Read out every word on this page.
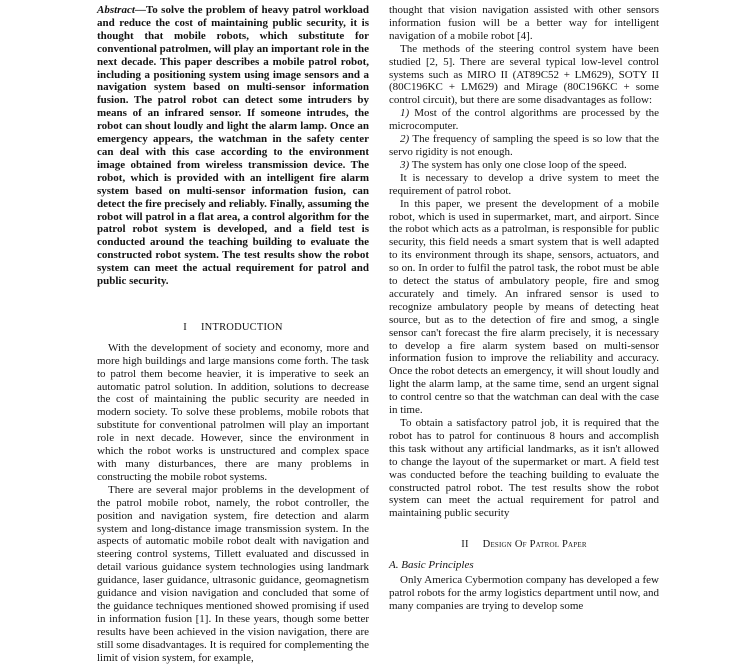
Abstract—To solve the problem of heavy patrol workload and reduce the cost of maintaining public security, it is thought that mobile robots, which substitute for conventional patrolmen, will play an important role in the next decade. This paper describes a mobile patrol robot, including a positioning system using image sensors and a navigation system based on multi-sensor information fusion. The patrol robot can detect some intruders by means of an infrared sensor. If someone intrudes, the robot can shout loudly and light the alarm lamp. Once an emergency appears, the watchman in the safety center can deal with this case according to the environment image obtained from wireless transmission device. The robot, which is provided with an intelligent fire alarm system based on multi-sensor information fusion, can detect the fire precisely and reliably. Finally, assuming the robot will patrol in a flat area, a control algorithm for the patrol robot system is developed, and a field test is conducted around the teaching building to evaluate the constructed robot system. The test results show the robot system can meet the actual requirement for patrol and public security.

I INTRODUCTION

With the development of society and economy, more and more high buildings and large mansions come forth. The task to patrol them become heavier, it is imperative to seek an automatic patrol solution. In addition, solutions to decrease the cost of maintaining the public security are needed in modern society. To solve these problems, mobile robots that substitute for conventional patrolmen will play an important role in next decade. However, since the environment in which the robot works is unstructured and complex space with many disturbances, there are many problems in constructing the mobile robot systems.

There are several major problems in the development of the patrol mobile robot, namely, the robot controller, the position and navigation system, fire detection and alarm system and long-distance image transmission system. In the aspects of automatic mobile robot dealt with navigation and steering control systems, Tillett evaluated and discussed in detail various guidance system technologies using landmark guidance, laser guidance, ultrasonic guidance, geomagnetism guidance and vision navigation and concluded that some of the guidance techniques mentioned showed promising if used in information fusion [1]. In these years, though some better results have been achieved in the vision navigation, there are still some disadvantages. It is required for complementing the limit of vision system, for example,

thought that vision navigation assisted with other sensors information fusion will be a better way for intelligent navigation of a mobile robot [4].

The methods of the steering control system have been studied [2, 5]. There are several typical low-level control systems such as MIRO II (AT89C52 + LM629), SOTY II (80C196KC + LM629) and Mirage (80C196KC + some control circuit), but there are some disadvantages as follow:

1) Most of the control algorithms are processed by the microcomputer.

2) The frequency of sampling the speed is so low that the servo rigidity is not enough.

3) The system has only one close loop of the speed.

It is necessary to develop a drive system to meet the requirement of patrol robot.

In this paper, we present the development of a mobile robot, which is used in supermarket, mart, and airport. Since the robot which acts as a patrolman, is responsible for public security, this field needs a smart system that is well adapted to its environment through its shape, sensors, actuators, and so on. In order to fulfil the patrol task, the robot must be able to detect the status of ambulatory people, fire and smog accurately and timely. An infrared sensor is used to recognize ambulatory people by means of detecting heat source, but as to the detection of fire and smog, a single sensor can't forecast the fire alarm precisely, it is necessary to develop a fire alarm system based on multi-sensor information fusion to improve the reliability and accuracy. Once the robot detects an emergency, it will shout loudly and light the alarm lamp, at the same time, send an urgent signal to control centre so that the watchman can deal with the case in time.

To obtain a satisfactory patrol job, it is required that the robot has to patrol for continuous 8 hours and accomplish this task without any artificial landmarks, as it isn't allowed to change the layout of the supermarket or mart. A field test was conducted before the teaching building to evaluate the constructed patrol robot. The test results show the robot system can meet the actual requirement for patrol and maintaining public security

II Design Of Patrol Paper
A. Basic Principles

Only America Cybermotion company has developed a few patrol robots for the army logistics department until now, and many companies are trying to develop some
